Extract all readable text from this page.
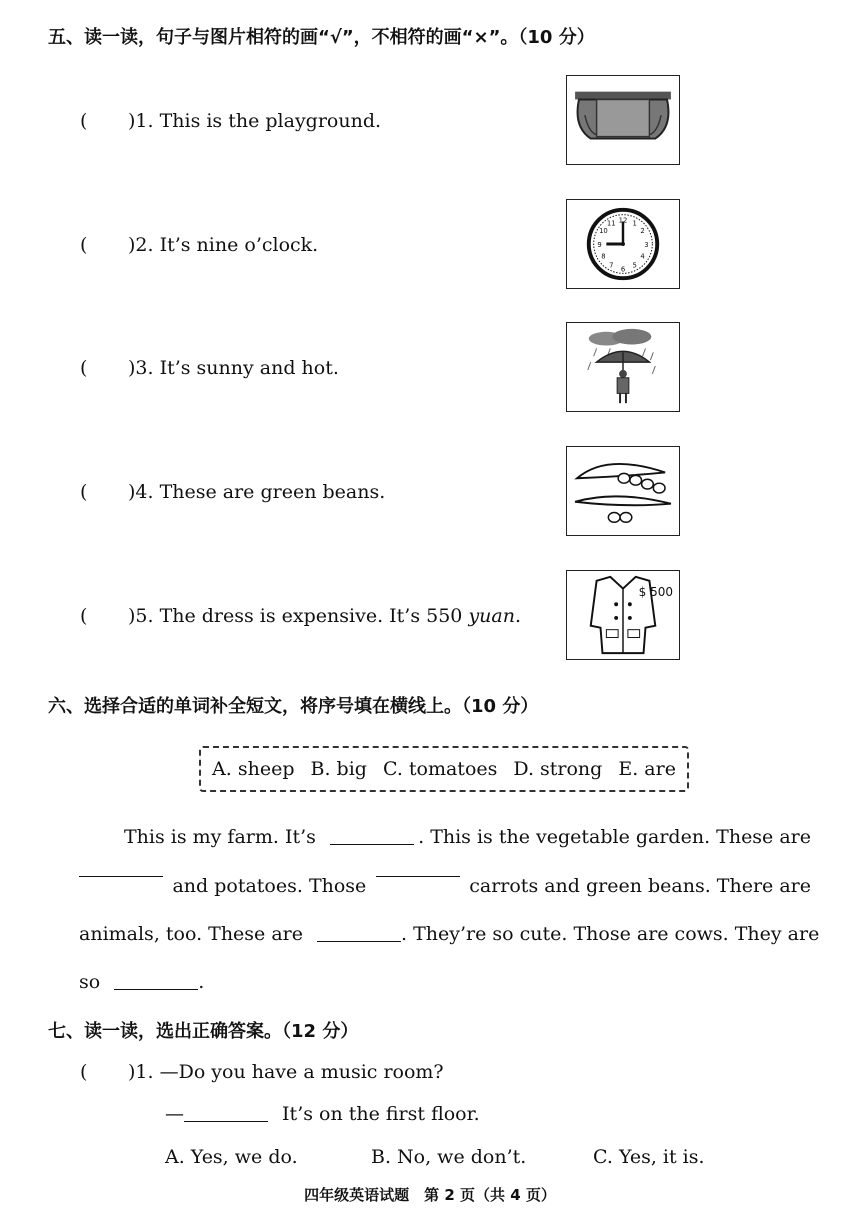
五、读一读，句子与图片相符的画“√”，不相符的画“×”。（10 分）
( )1. This is the playground.
( )2. It’s nine o’clock.
12 1
2
3
4
5
6
7
8
9
10
11
( )3. It’s sunny and hot.
( )4. These are green beans.
( )5. The dress is expensive. It’s 550 yuan.
$ 500
六、选择合适的单词补全短文，将序号填在横线上。（10 分）
A. sheep B. big C. tomatoes D. strong E. are
This is my farm. It’s	. This is the vegetable garden. These are
and potatoes. Those	carrots and green beans. There are
animals, too. These are	. They’re so cute. Those are cows. They are
so	.
七、读一读，选出正确答案。（12 分）
( )1. —Do you have a music room?
—	It’s on the first floor.
A. Yes, we do.	B. No, we don’t.	C. Yes, it is.
四年级英语试题　第 2 页（共 4 页）
